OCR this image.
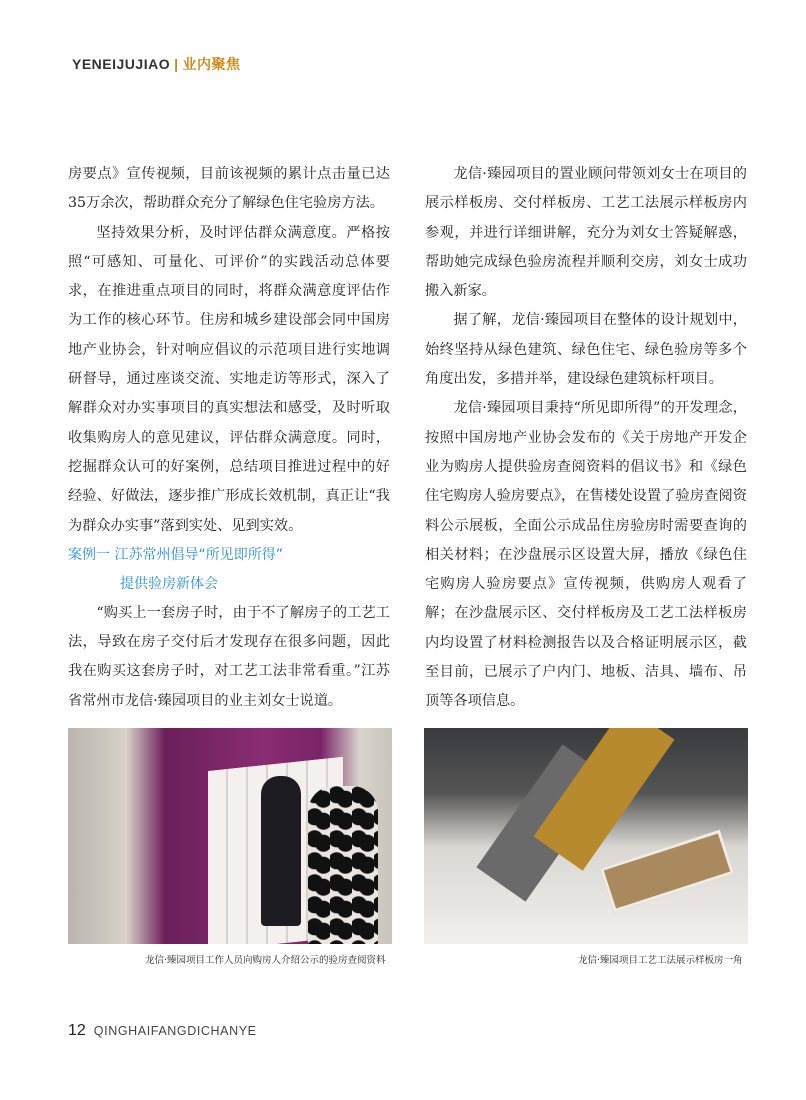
YENEIJUJIAO | 业内聚焦

房要点》宣传视频，目前该视频的累计点击量已达35万余次，帮助群众充分了解绿色住宅验房方法。

坚持效果分析，及时评估群众满意度。严格按照“可感知、可量化、可评价”的实践活动总体要求，在推进重点项目的同时，将群众满意度评估作为工作的核心环节。住房和城乡建设部会同中国房地产业协会，针对响应倡议的示范项目进行实地调研督导，通过座谈交流、实地走访等形式，深入了解群众对办实事项目的真实想法和感受，及时听取收集购房人的意见建议，评估群众满意度。同时，挖掘群众认可的好案例，总结项目推进过程中的好经验、好做法，逐步推广形成长效机制，真正让“我为群众办实事”落到实处、见到实效。

案例一 江苏常州倡导“所见即所得”

提供验房新体会

“购买上一套房子时，由于不了解房子的工艺工法，导致在房子交付后才发现存在很多问题，因此我在购买这套房子时，对工艺工法非常看重。”江苏省常州市龙信·臻园项目的业主刘女士说道。

龙信·臻园项目的置业顾问带领刘女士在项目的展示样板房、交付样板房、工艺工法展示样板房内参观，并进行详细讲解，充分为刘女士答疑解惑，帮助她完成绿色验房流程并顺利交房，刘女士成功搬入新家。

据了解，龙信·臻园项目在整体的设计规划中，始终坚持从绿色建筑、绿色住宅、绿色验房等多个角度出发，多措并举，建设绿色建筑标杆项目。

龙信·臻园项目秉持“所见即所得”的开发理念，按照中国房地产业协会发布的《关于房地产开发企业为购房人提供验房查阅资料的倡议书》和《绿色住宅购房人验房要点》，在售楼处设置了验房查阅资料公示展板，全面公示成品住房验房时需要查询的相关材料；在沙盘展示区设置大屏，播放《绿色住宅购房人验房要点》宣传视频，供购房人观看了解；在沙盘展示区、交付样板房及工艺工法样板房内均设置了材料检测报告以及合格证明展示区，截至目前，已展示了户内门、地板、洁具、墙布、吊顶等各项信息。

龙信·臻园项目工作人员向购房人介绍公示的验房查阅资料	龙信·臻园项目工艺工法展示样板房一角
12 QINGHAIFANGDICHANYE
